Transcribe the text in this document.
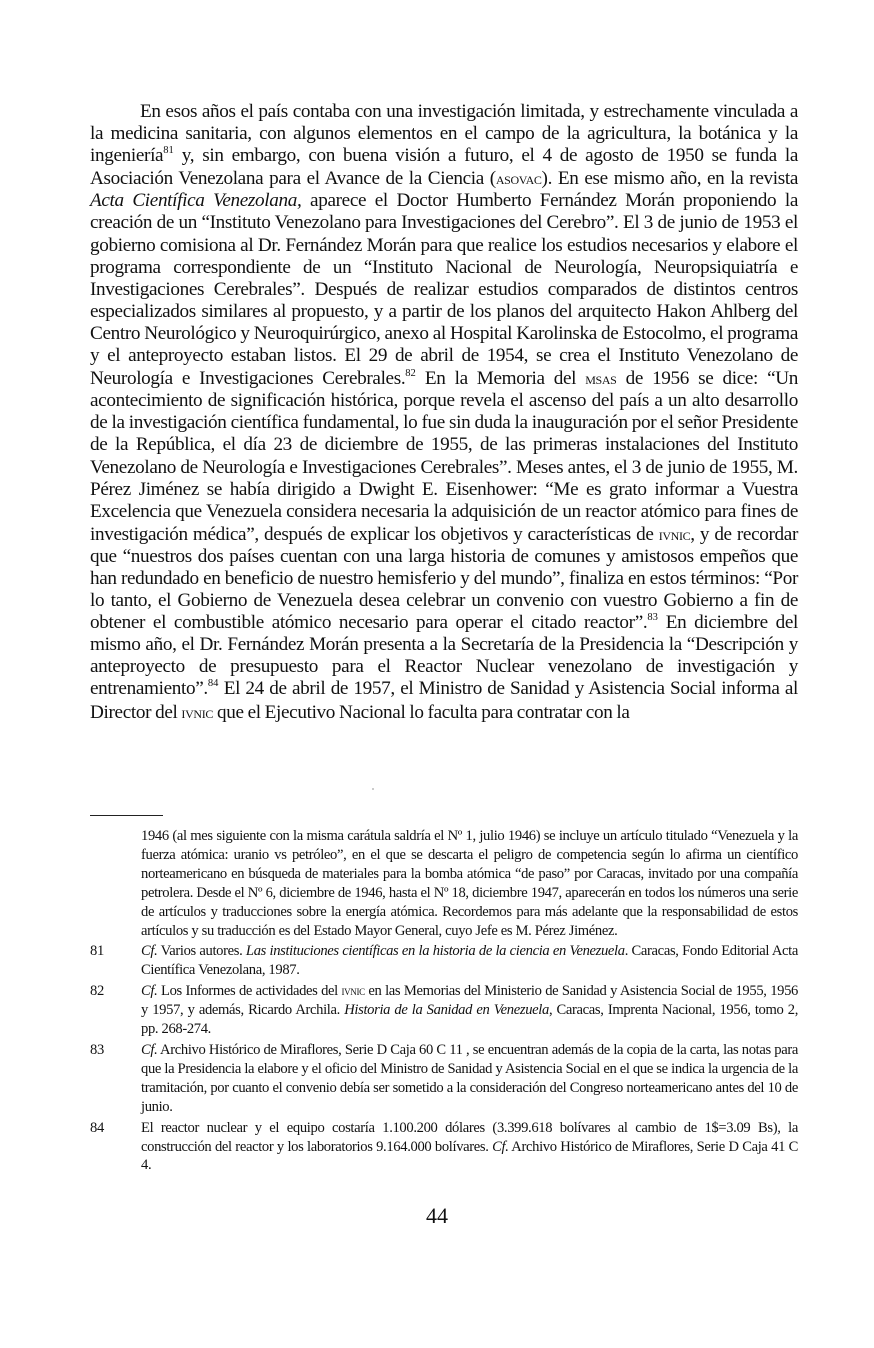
En esos años el país contaba con una investigación limitada, y estrechamente vinculada a la medicina sanitaria, con algunos elementos en el campo de la agricultura, la botánica y la ingeniería$^{81}$ y, sin embargo, con buena visión a futuro, el 4 de agosto de 1950 se funda la Asociación Venezolana para el Avance de la Ciencia (asovac). En ese mismo año, en la revista Acta Científica Venezolana, aparece el Doctor Humberto Fernández Morán proponiendo la creación de un “Instituto Venezolano para Investigaciones del Cerebro”. El 3 de junio de 1953 el gobierno comisiona al Dr. Fernández Morán para que realice los estudios necesarios y elabore el programa correspondiente de un “Instituto Nacional de Neurología, Neuropsiquiatría e Investigaciones Cerebrales”. Después de realizar estudios comparados de distintos centros especializados similares al propuesto, y a partir de los planos del arquitecto Hakon Ahlberg del Centro Neurológico y Neuroquirúrgico, anexo al Hospital Karolinska de Estocolmo, el programa y el anteproyecto estaban listos. El 29 de abril de 1954, se crea el Instituto Venezolano de Neurología e Investigaciones Cerebrales.$^{82}$ En la Memoria del msas de 1956 se dice: “Un acontecimiento de significación histórica, porque revela el ascenso del país a un alto desarrollo de la investigación científica fundamental, lo fue sin duda la inauguración por el señor Presidente de la República, el día 23 de diciembre de 1955, de las primeras instalaciones del Instituto Venezolano de Neurología e Investigaciones Cerebrales”. Meses antes, el 3 de junio de 1955, M. Pérez Jiménez se había dirigido a Dwight E. Eisenhower: “Me es grato informar a Vuestra Excelencia que Venezuela considera necesaria la adquisición de un reactor atómico para fines de investigación médica”, después de explicar los objetivos y características de ivnic, y de recordar que “nuestros dos países cuentan con una larga historia de comunes y amistosos empeños que han redundado en beneficio de nuestro hemisferio y del mundo”, finaliza en estos términos: “Por lo tanto, el Gobierno de Venezuela desea celebrar un convenio con vuestro Gobierno a fin de obtener el combustible atómico necesario para operar el citado reactor”.$^{83}$ En diciembre del mismo año, el Dr. Fernández Morán presenta a la Secretaría de la Presidencia la “Descripción y anteproyecto de presupuesto para el Reactor Nuclear venezolano de investigación y entrenamiento”.$^{84}$ El 24 de abril de 1957, el Ministro de Sanidad y Asistencia Social informa al Director del ivnic que el Ejecutivo Nacional lo faculta para contratar con la

1946 (al mes siguiente con la misma carátula saldría el Nº 1, julio 1946) se incluye un artículo titulado “Venezuela y la fuerza atómica: uranio vs petróleo”, en el que se descarta el peligro de competencia según lo afirma un científico norteamericano en búsqueda de materiales para la bomba atómica “de paso” por Caracas, invitado por una compañía petrolera. Desde el Nº 6, diciembre de 1946, hasta el Nº 18, diciembre 1947, aparecerán en todos los números una serie de artículos y traducciones sobre la energía atómica. Recordemos para más adelante que la responsabilidad de estos artículos y su traducción es del Estado Mayor General, cuyo Jefe es M. Pérez Jiménez.
81	Cf. Varios autores. Las instituciones científicas en la historia de la ciencia en Venezuela. Caracas, Fondo Editorial Acta Científica Venezolana, 1987.
82	Cf. Los Informes de actividades del ivnic en las Memorias del Ministerio de Sanidad y Asistencia Social de 1955, 1956 y 1957, y además, Ricardo Archila. Historia de la Sanidad en Venezuela, Caracas, Imprenta Nacional, 1956, tomo 2, pp. 268-274.
83	Cf. Archivo Histórico de Miraflores, Serie D Caja 60 C 11 , se encuentran además de la copia de la carta, las notas para que la Presidencia la elabore y el oficio del Ministro de Sanidad y Asistencia Social en el que se indica la urgencia de la tramitación, por cuanto el convenio debía ser sometido a la consideración del Congreso norteamericano antes del 10 de junio.
84	El reactor nuclear y el equipo costaría 1.100.200 dólares (3.399.618 bolívares al cambio de 1$=3.09 Bs), la construcción del reactor y los laboratorios 9.164.000 bolívares. Cf. Archivo Histórico de Miraflores, Serie D Caja 41 C 4.
44
